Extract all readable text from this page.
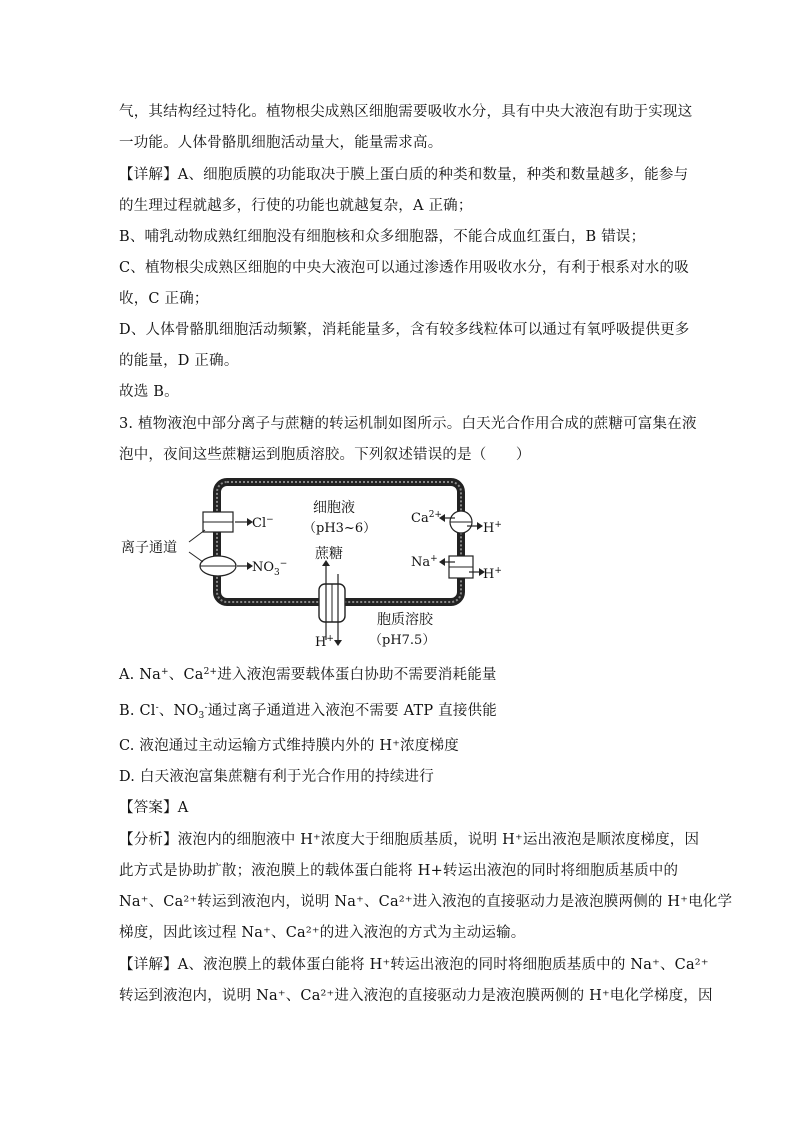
气，其结构经过特化。植物根尖成熟区细胞需要吸收水分，具有中央大液泡有助于实现这
一功能。人体骨骼肌细胞活动量大，能量需求高。
【详解】A、细胞质膜的功能取决于膜上蛋白质的种类和数量，种类和数量越多，能参与
的生理过程就越多，行使的功能也就越复杂，A 正确；
B、哺乳动物成熟红细胞没有细胞核和众多细胞器，不能合成血红蛋白，B 错误；
C、植物根尖成熟区细胞的中央大液泡可以通过渗透作用吸收水分，有利于根系对水的吸
收，C 正确；
D、人体骨骼肌细胞活动频繁，消耗能量多，含有较多线粒体可以通过有氧呼吸提供更多
的能量，D 正确。
故选 B。
3. 植物液泡中部分离子与蔗糖的转运机制如图所示。白天光合作用合成的蔗糖可富集在液
泡中，夜间这些蔗糖运到胞质溶胶。下列叙述错误的是（　　）
细胞液
（pH3~6）
Cl−
$NO_3^-$
离子通道
$Ca^{2+}$
H+
Na+
H+
蔗糖
H+
胞质溶胶
（pH7.5）
A. Na+、$Ca^{2+}$进入液泡需要载体蛋白协助不需要消耗能量
B. Cl-、$NO_3^-$通过离子通道进入液泡不需要 ATP 直接供能
C. 液泡通过主动运输方式维持膜内外的 H⁺浓度梯度
D. 白天液泡富集蔗糖有利于光合作用的持续进行
【答案】A
【分析】液泡内的细胞液中 H⁺浓度大于细胞质基质，说明 H⁺运出液泡是顺浓度梯度，因
此方式是协助扩散；液泡膜上的载体蛋白能将 H+转运出液泡的同时将细胞质基质中的
Na⁺、Ca²⁺转运到液泡内，说明 Na⁺、Ca²⁺进入液泡的直接驱动力是液泡膜两侧的 H⁺电化学
梯度，因此该过程 Na⁺、Ca²⁺的进入液泡的方式为主动运输。
【详解】A、液泡膜上的载体蛋白能将 H⁺转运出液泡的同时将细胞质基质中的 Na⁺、Ca²⁺
转运到液泡内，说明 Na⁺、Ca²⁺进入液泡的直接驱动力是液泡膜两侧的 H⁺电化学梯度，因
